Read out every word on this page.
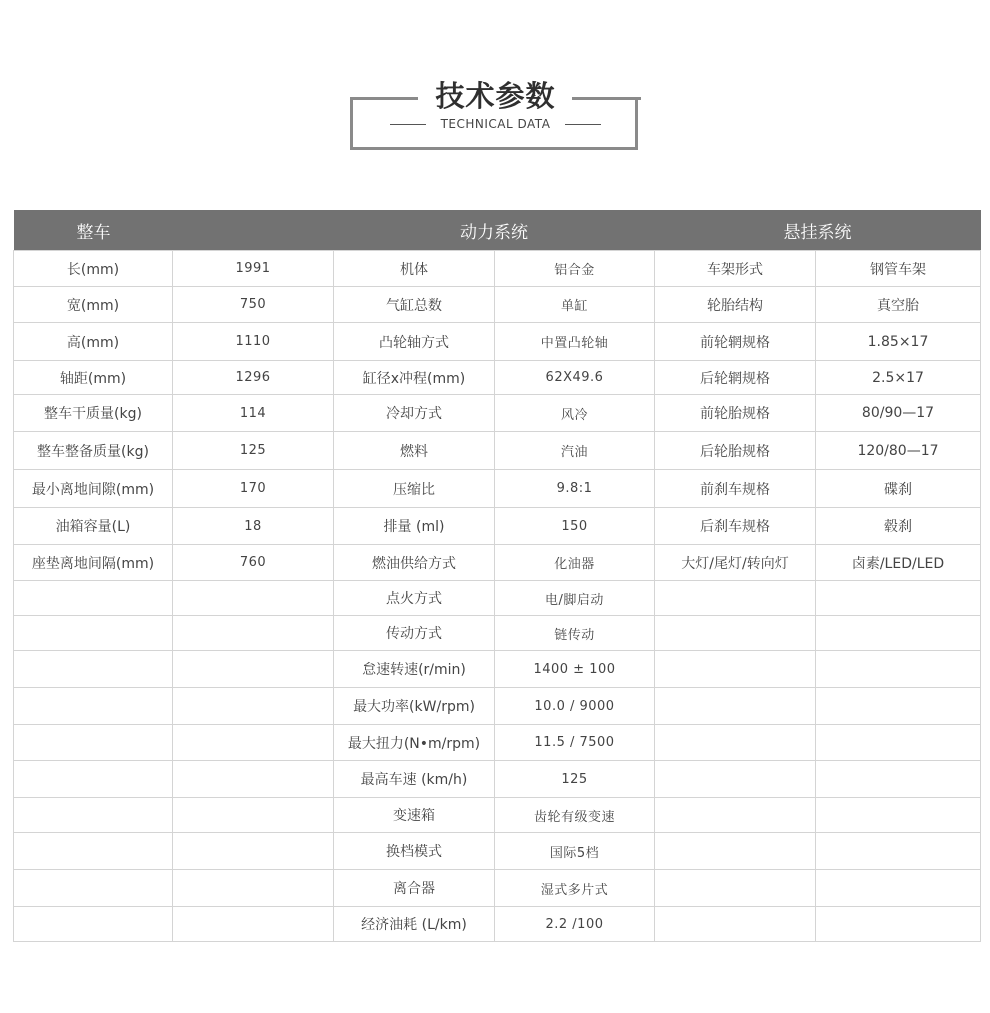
技术参数
TECHNICAL DATA
整车		动力系统		悬挂系统	
长(mm)	1991	机体	铝合金	车架形式	钢管车架
宽(mm)	750	气缸总数	单缸	轮胎结构	真空胎
高(mm)	1110	凸轮轴方式	中置凸轮轴	前轮辋规格	1.85×17
轴距(mm)	1296	缸径x冲程(mm)	62X49.6	后轮辋规格	2.5×17
整车干质量(kg)	114	冷却方式	风冷	前轮胎规格	80/90—17
整车整备质量(kg)	125	燃料	汽油	后轮胎规格	120/80—17
最小离地间隙(mm)	170	压缩比	9.8:1	前刹车规格	碟刹
油箱容量(L)	18	排量 (ml)	150	后刹车规格	毂刹
座垫离地间隔(mm)	760	燃油供给方式	化油器	大灯/尾灯/转向灯	卤素/LED/LED
		点火方式	电/脚启动		
		传动方式	链传动		
		怠速转速(r/min)	1400 ± 100		
		最大功率(kW/rpm)	10.0 / 9000		
		最大扭力(N•m/rpm)	11.5 / 7500		
		最高车速 (km/h)	125		
		变速箱	齿轮有级变速		
		换档模式	国际5档		
		离合器	湿式多片式		
		经济油耗 (L/km)	2.2 /100		
